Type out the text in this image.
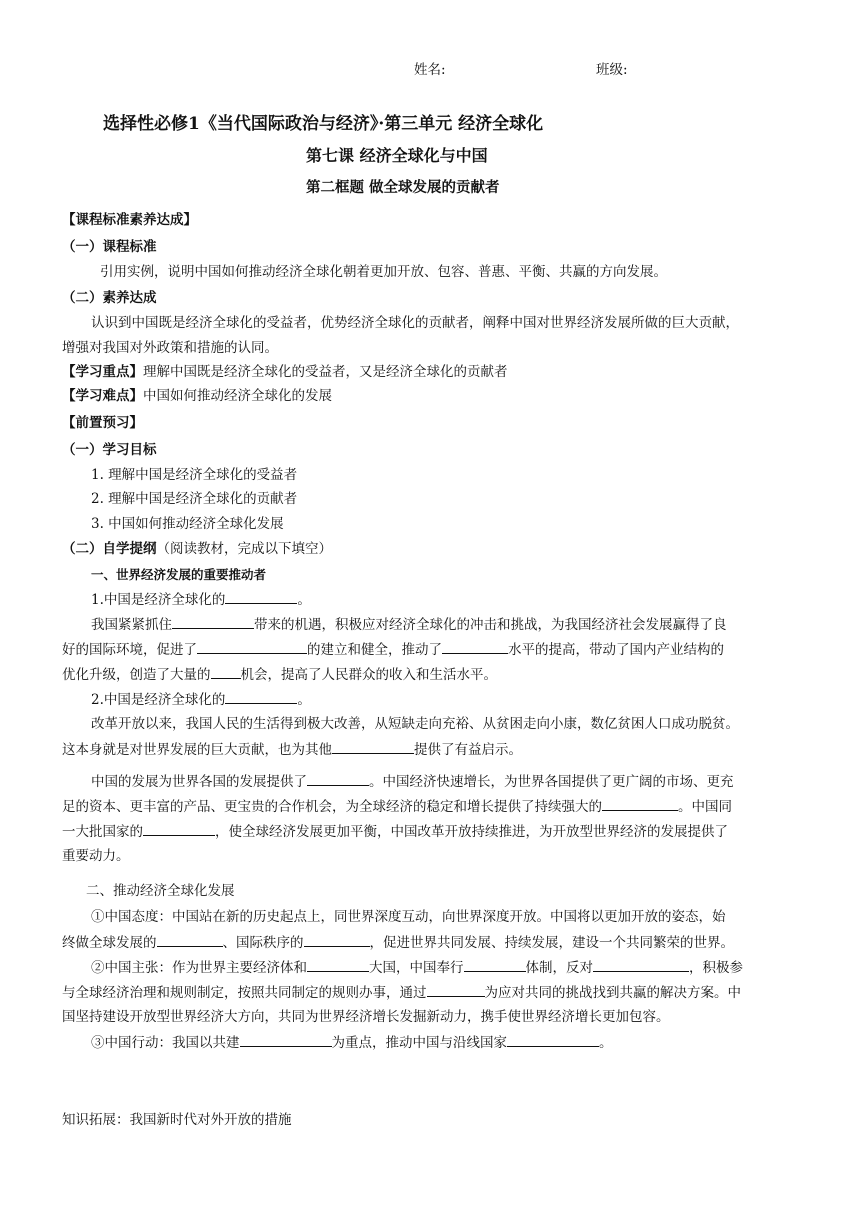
姓名:	班级:
选择性必修1《当代国际政治与经济》·第三单元 经济全球化
第七课 经济全球化与中国
第二框题 做全球发展的贡献者
【课程标准素养达成】
（一）课程标准
引用实例，说明中国如何推动经济全球化朝着更加开放、包容、普惠、平衡、共赢的方向发展。
（二）素养达成
认识到中国既是经济全球化的受益者，优势经济全球化的贡献者，阐释中国对世界经济发展所做的巨大贡献，
增强对我国对外政策和措施的认同。
【学习重点】理解中国既是经济全球化的受益者，又是经济全球化的贡献者
【学习难点】中国如何推动经济全球化的发展
【前置预习】
（一）学习目标
1. 理解中国是经济全球化的受益者
2. 理解中国是经济全球化的贡献者
3. 中国如何推动经济全球化发展
（二）自学提纲（阅读教材，完成以下填空）
一、世界经济发展的重要推动者
1.中国是经济全球化的	。
我国紧紧抓住	带来的机遇，积极应对经济全球化的冲击和挑战，为我国经济社会发展赢得了良
好的国际环境，促进了	的建立和健全，推动了	水平的提高，带动了国内产业结构的
优化升级，创造了大量的 机会，提高了人民群众的收入和生活水平。
2.中国是经济全球化的	。
改革开放以来，我国人民的生活得到极大改善，从短缺走向充裕、从贫困走向小康，数亿贫困人口成功脱贫。
这本身就是对世界发展的巨大贡献，也为其他	提供了有益启示。
中国的发展为世界各国的发展提供了	。中国经济快速增长，为世界各国提供了更广阔的市场、更充
足的资本、更丰富的产品、更宝贵的合作机会，为全球经济的稳定和增长提供了持续强大的	。中国同
一大批国家的	，使全球经济发展更加平衡，中国改革开放持续推进，为开放型世界经济的发展提供了
重要动力。
二、推动经济全球化发展
①中国态度：中国站在新的历史起点上，同世界深度互动，向世界深度开放。中国将以更加开放的姿态，始
终做全球发展的	、国际秩序的	，促进世界共同发展、持续发展，建设一个共同繁荣的世界。
②中国主张：作为世界主要经济体和	大国，中国奉行	体制，反对	，积极参
与全球经济治理和规则制定，按照共同制定的规则办事，通过	为应对共同的挑战找到共赢的解决方案。中
国坚持建设开放型世界经济大方向，共同为世界经济增长发掘新动力，携手使世界经济增长更加包容。
③中国行动：我国以共建	为重点，推动中国与沿线国家	。
知识拓展：我国新时代对外开放的措施
